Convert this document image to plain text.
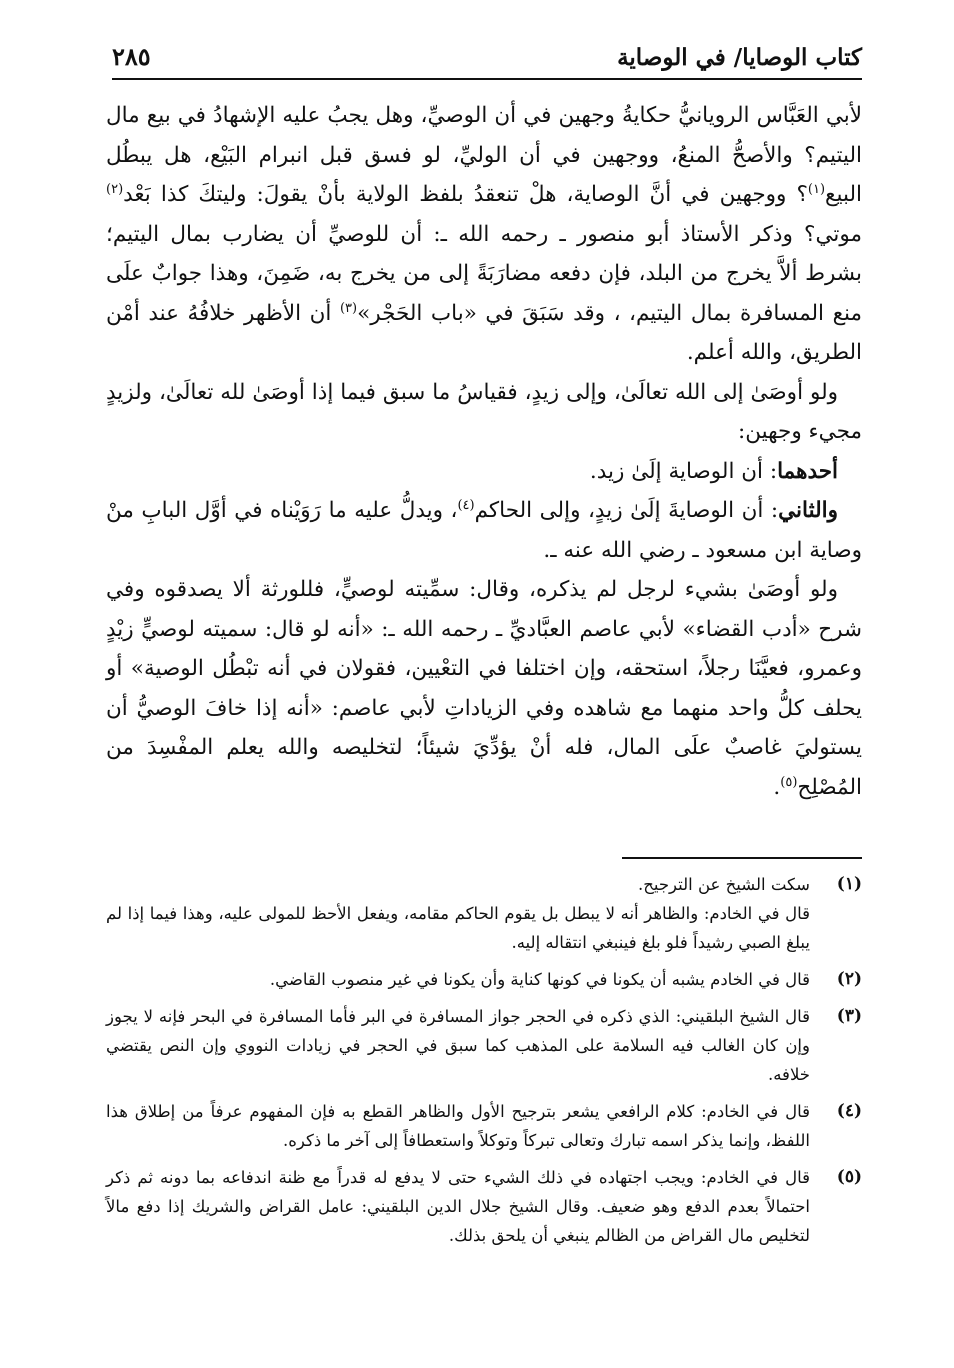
كتاب الوصايا/ في الوصاية
٢٨٥

لأبي العَبَّاس الرويانيُّ حكايةُ وجهين في أن الوصيِّ، وهل يجبُ عليه الإشهادُ في بيع مال اليتيم؟ والأصحُّ المنعُ، ووجهين في أن الوليِّ، لو فسق قبل انبرام البَيْع، هل يبطُل البيع$^{(١)}$؟ ووجهين في أنَّ الوصاية، هلْ تنعقدُ بلفظ الولاية بأنْ يقولَ: وليتكَ كذا بَعْد$^{(٢)}$ موتي؟ وذكر الأستاذ أبو منصور ـ رحمه الله ـ: أن للوصيِّ أن يضارب بمال اليتيم؛ بشرط ألاَّ يخرج من البلد، فإن دفعه مضارَبَةً إلى من يخرج به، ضَمِنَ، وهذا جوابٌ علَى منع المسافرة بمال اليتيم، ، وقد سَبَقَ في «باب الحَجْر»$^{(٣)}$ أن الأظهر خلافُهُ عند أمْن الطريق، والله أعلم.

ولو أوصَىٰ إلى الله تعالَىٰ، وإلى زيدٍ، فقياسُ ما سبق فيما إذا أوصَىٰ لله تعالَىٰ، ولزيدٍ مجيء وجهين:

أحدهما: أن الوصاية إلَىٰ زيد.

والثاني: أن الوصايةَ إلَىٰ زيدٍ، وإلى الحاكم$^{(٤)}$، ويدلُّ عليه ما رَوَيْناه في أوَّل البابِ منْ وصاية ابن مسعود ـ رضي الله عنه ـ.

ولو أوصَىٰ بشيء لرجل لم يذكره، وقال: سمِّيته لوصيٍّ، فللورثة ألا يصدقوه وفي شرح «أدب القضاء» لأبي عاصم العبَّاديِّ ـ رحمه الله ـ: «أنه لو قال: سميته لوصيٍّ زيْدٍ وعمرو، فعيَّنَا رجلاً، استحقه، وإن اختلفا في التعْيين، فقولان في أنه تبْطُل الوصية» أو يحلف كلُّ واحد منهما مع شاهده وفي الزياداتِ لأبي عاصم: «أنه إذا خافَ الوصيُّ أن يستوليَ غاصبٌ علَى المال، فله أنْ يؤدِّيَ شيئاً؛ لتخليصه والله يعلم المفْسِدَ من المُصْلِح$^{(٥)}$.

(١)

سكت الشيخ عن الترجيح.

قال في الخادم: والظاهر أنه لا يبطل بل يقوم الحاكم مقامه، ويفعل الأحظ للمولى عليه، وهذا فيما إذا لم يبلغ الصبي رشيداً فلو بلغ فينبغي انتقاله إليه.

(٢)

قال في الخادم يشبه أن يكونا في كونها كناية وأن يكونا في غير منصوب القاضي.

(٣)

قال الشيخ البلقيني: الذي ذكره في الحجر جواز المسافرة في البر فأما المسافرة في البحر فإنه لا يجوز وإن كان الغالب فيه السلامة على المذهب كما سبق في الحجر في زيادات النووي وإن النص يقتضي خلافه.

(٤)

قال في الخادم: كلام الرافعي يشعر بترجيح الأول والظاهر القطع به فإن المفهوم عرفاً من إطلاق هذا اللفظ، وإنما يذكر اسمه تبارك وتعالى تبركاً وتوكلاً واستعطافاً إلى آخر ما ذكره.

(٥)

قال في الخادم: ويجب اجتهاده في ذلك الشيء حتى لا يدفع له قدراً مع ظنة اندفاعه بما دونه ثم ذكر احتمالاً بعدم الدفع وهو ضعيف. وقال الشيخ جلال الدين البلقيني: عامل القراض والشريك إذا دفع مالاً لتخليص مال القراض من الظالم ينبغي أن يلحق بذلك.
